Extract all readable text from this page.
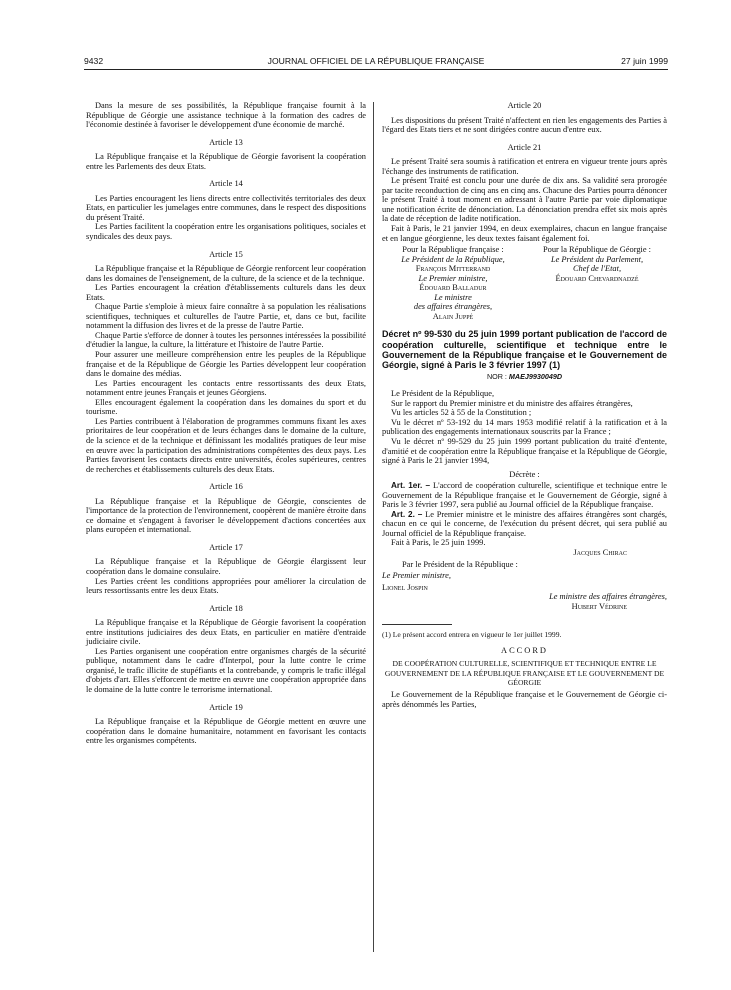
9432	JOURNAL OFFICIEL DE LA RÉPUBLIQUE FRANÇAISE	27 juin 1999

Dans la mesure de ses possibilités, la République française fournit à la République de Géorgie une assistance technique à la formation des cadres de l'économie destinée à favoriser le développement d'une économie de marché.

Article 13

La République française et la République de Géorgie favorisent la coopération entre les Parlements des deux Etats.

Article 14

Les Parties encouragent les liens directs entre collectivités territoriales des deux Etats, en particulier les jumelages entre communes, dans le respect des dispositions du présent Traité.

Les Parties facilitent la coopération entre les organisations politiques, sociales et syndicales des deux pays.

Article 15

La République française et la République de Géorgie renforcent leur coopération dans les domaines de l'enseignement, de la culture, de la science et de la technique.

Les Parties encouragent la création d'établissements culturels dans les deux Etats.

Chaque Partie s'emploie à mieux faire connaître à sa population les réalisations scientifiques, techniques et culturelles de l'autre Partie, et, dans ce but, facilite notamment la diffusion des livres et de la presse de l'autre Partie.

Chaque Partie s'efforce de donner à toutes les personnes intéressées la possibilité d'étudier la langue, la culture, la littérature et l'histoire de l'autre Partie.

Pour assurer une meilleure compréhension entre les peuples de la République française et de la République de Géorgie les Parties développent leur coopération dans le domaine des médias.

Les Parties encouragent les contacts entre ressortissants des deux Etats, notamment entre jeunes Français et jeunes Géorgiens.

Elles encouragent également la coopération dans les domaines du sport et du tourisme.

Les Parties contribuent à l'élaboration de programmes communs fixant les axes prioritaires de leur coopération et de leurs échanges dans le domaine de la culture, de la science et de la technique et définissant les modalités pratiques de leur mise en œuvre avec la participation des administrations compétentes des deux pays. Les Parties favorisent les contacts directs entre universités, écoles supérieures, centres de recherches et établissements culturels des deux Etats.

Article 16

La République française et la République de Géorgie, conscientes de l'importance de la protection de l'environnement, coopèrent de manière étroite dans ce domaine et s'engagent à favoriser le développement d'actions concertées aux plans européen et international.

Article 17

La République française et la République de Géorgie élargissent leur coopération dans le domaine consulaire.

Les Parties créent les conditions appropriées pour améliorer la circulation de leurs ressortissants entre les deux Etats.

Article 18

La République française et la République de Géorgie favorisent la coopération entre institutions judiciaires des deux Etats, en particulier en matière d'entraide judiciaire civile.

Les Parties organisent une coopération entre organismes chargés de la sécurité publique, notamment dans le cadre d'Interpol, pour la lutte contre le crime organisé, le trafic illicite de stupéfiants et la contrebande, y compris le trafic illégal d'objets d'art. Elles s'efforcent de mettre en œuvre une coopération appropriée dans le domaine de la lutte contre le terrorisme international.

Article 19

La République française et la République de Géorgie mettent en œuvre une coopération dans le domaine humanitaire, notamment en favorisant les contacts entre les organismes compétents.

Article 20

Les dispositions du présent Traité n'affectent en rien les engagements des Parties à l'égard des Etats tiers et ne sont dirigées contre aucun d'entre eux.

Article 21

Le présent Traité sera soumis à ratification et entrera en vigueur trente jours après l'échange des instruments de ratification.

Le présent Traité est conclu pour une durée de dix ans. Sa validité sera prorogée par tacite reconduction de cinq ans en cinq ans. Chacune des Parties pourra dénoncer le présent Traité à tout moment en adressant à l'autre Partie par voie diplomatique une notification écrite de dénonciation. La dénonciation prendra effet six mois après la date de réception de ladite notification.

Fait à Paris, le 21 janvier 1994, en deux exemplaires, chacun en langue française et en langue géorgienne, les deux textes faisant également foi.

Pour la République française :
Le Président de la République,
François Mitterrand
Le Premier ministre,
Édouard Balladur
Le ministre
des affaires étrangères,
Alain Juppé
Pour la République de Géorgie :
Le Président du Parlement,
Chef de l'Etat,
Édouard Chevardnadzé
Décret nº 99-530 du 25 juin 1999 portant publication de l'accord de coopération culturelle, scientifique et technique entre le Gouvernement de la République française et le Gouvernement de Géorgie, signé à Paris le 3 février 1997 (1)
NOR : MAEJ9930049D

Le Président de la République,

Sur le rapport du Premier ministre et du ministre des affaires étrangères,

Vu les articles 52 à 55 de la Constitution ;

Vu le décret nº 53-192 du 14 mars 1953 modifié relatif à la ratification et à la publication des engagements internationaux souscrits par la France ;

Vu le décret nº 99-529 du 25 juin 1999 portant publication du traité d'entente, d'amitié et de coopération entre la République française et la République de Géorgie, signé à Paris le 21 janvier 1994,

Décrète :

Art. 1er. – L'accord de coopération culturelle, scientifique et technique entre le Gouvernement de la République française et le Gouvernement de Géorgie, signé à Paris le 3 février 1997, sera publié au Journal officiel de la République française.

Art. 2. – Le Premier ministre et le ministre des affaires étrangères sont chargés, chacun en ce qui le concerne, de l'exécution du présent décret, qui sera publié au Journal officiel de la République française.

Fait à Paris, le 25 juin 1999.

Jacques Chirac
Par le Président de la République :
Le Premier ministre,
Lionel Jospin
Le ministre des affaires étrangères,
Hubert Védrine

(1) Le présent accord entrera en vigueur le 1er juillet 1999.

ACCORD
DE COOPÉRATION CULTURELLE, SCIENTIFIQUE ET TECHNIQUE ENTRE LE GOUVERNEMENT DE LA RÉPUBLIQUE FRANÇAISE ET LE GOUVERNEMENT DE GÉORGIE

Le Gouvernement de la République française et le Gouvernement de Géorgie ci-après dénommés les Parties,
